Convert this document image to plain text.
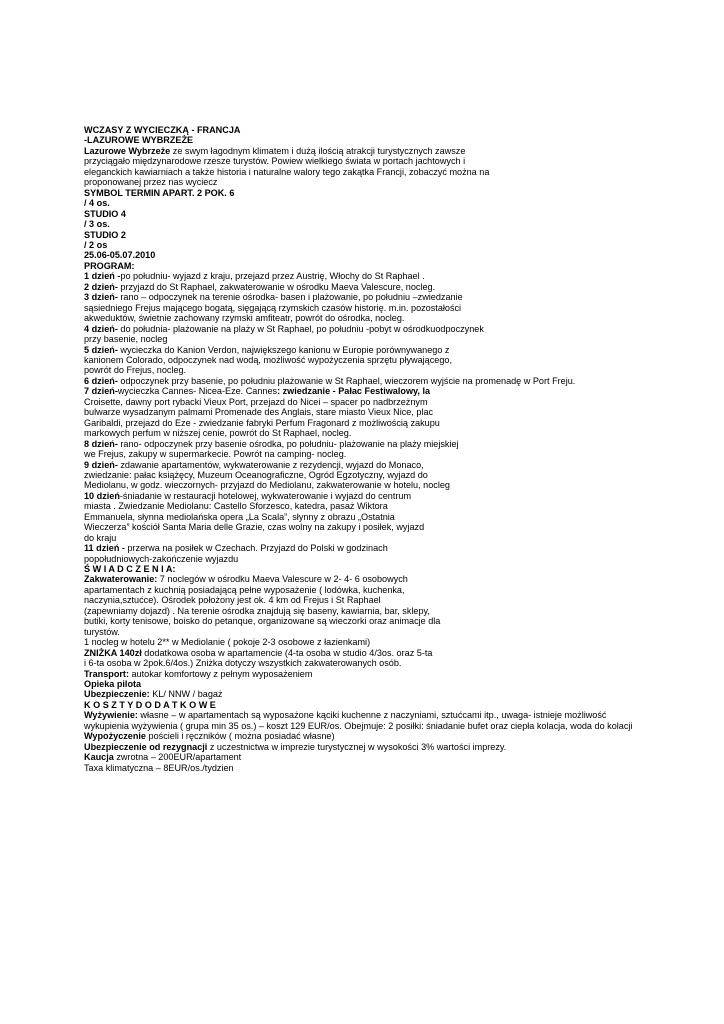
WCZASY Z WYCIECZKĄ - FRANCJA
-LAZUROWE WYBRZEŻE
Lazurowe Wybrzeże ze swym łagodnym klimatem i dużą ilością atrakcji turystycznych zawsze
przyciągało międzynarodowe rzesze turystów. Powiew wielkiego świata w portach jachtowych i
eleganckich kawiarniach a także historia i naturalne walory tego zakątka Francji, zobaczyć można na
proponowanej przez nas wyciecz
SYMBOL TERMIN APART. 2 POK. 6
/ 4 os.
STUDIO 4
/ 3 os.
STUDIO 2
/ 2 os
25.06-05.07.2010
PROGRAM:
1 dzień -po południu- wyjazd z kraju, przejazd przez Austrię, Włochy do St Raphael .
2 dzień- przyjazd do St Raphael, zakwaterowanie w ośrodku Maeva Valescure, nocleg.
3 dzień- rano – odpoczynek na terenie ośrodka- basen i plażowanie, po południu –zwiedzanie
sąsiedniego Frejus mającego bogatą, sięgającą rzymskich czasów historię. m.in. pozostałości
akweduktów, świetnie zachowany rzymski amfiteatr, powrót do ośrodka, nocleg.
4 dzień- do południa- plażowanie na plaży w St Raphael, po południu -pobyt w ośrodkuodpoczynek
przy basenie, nocleg
5 dzień- wycieczka do Kanion Verdon, największego kanionu w Europie porównywanego z
kanionem Colorado, odpoczynek nad wodą, możliwość wypożyczenia sprzętu pływającego,
powrót do Frejus, nocleg.
6 dzień- odpoczynek przy basenie, po południu plażowanie w St Raphael, wieczorem wyjście na promenadę w Port Freju.
7 dzień-wycieczka Cannes- Nicea-Eze. Cannes: zwiedzanie - Pałac Festiwalowy, la
Croisette, dawny port rybacki Vieux Port, przejazd do Nicei – spacer po nadbrzeżnym
bulwarze wysadzanym palmami Promenade des Anglais, stare miasto Vieux Nice, plac
Garibaldi, przejazd do Eze - zwiedzanie fabryki Perfum Fragonard z możliwością zakupu
markowych perfum w niższej cenie, powrót do St Raphael, nocleg.
8 dzień- rano- odpoczynek przy basenie ośrodka, po południu- plażowanie na plaży miejskiej
we Frejus, zakupy w supermarkecie. Powrót na camping- nocleg.
9 dzień- zdawanie apartamentów, wykwaterowanie z rezydencji, wyjazd do Monaco,
zwiedzanie: pałac książęcy, Muzeum Oceanograficzne, Ogród Egzotyczny, wyjazd do
Mediolanu, w godz. wieczornych- przyjazd do Mediolanu, zakwaterowanie w hotelu, nocleg
10 dzień-śniadanie w restauracji hotelowej, wykwaterowanie i wyjazd do centrum
miasta . Zwiedzanie Mediolanu: Castello Sforzesco, katedra, pasaż Wiktora
Emmanuela, słynna mediolańska opera „La Scala”, słynny z obrazu „Ostatnia
Wieczerza” kościół Santa Maria delle Grazie, czas wolny na zakupy i posiłek, wyjazd
do kraju
11 dzień - przerwa na posiłek w Czechach. Przyjazd do Polski w godzinach
popołudniowych-zakończenie wyjazdu
Ś W I A D C Z E N I A:
Zakwaterowanie: 7 noclegów w ośrodku Maeva Valescure w 2- 4- 6 osobowych
apartamentach z kuchnią posiadającą pełne wyposażenie ( lodówka, kuchenka,
naczynia,sztućce). Ośrodek położony jest ok. 4 km od Frejus i St Raphael
(zapewniamy dojazd) . Na terenie ośrodka znajdują się baseny, kawiarnia, bar, sklepy,
butiki, korty tenisowe, boisko do petanque, organizowane są wieczorki oraz animacje dla
turystów.
1 nocleg w hotelu 2** w Mediolanie ( pokoje 2-3 osobowe z łazienkami)
ZNIŻKA 140zł dodatkowa osoba w apartamencie (4-ta osoba w studio 4/3os. oraz 5-ta
i 6-ta osoba w 2pok.6/4os.) Zniżka dotyczy wszystkich zakwaterowanych osób.
Transport: autokar komfortowy z pełnym wyposażeniem
Opieka pilota
Ubezpieczenie: KL/ NNW / bagaż
K O S Z T Y D O D A T K O W E
Wyżywienie: własne – w apartamentach są wyposażone kąciki kuchenne z naczyniami, sztućcami itp., uwaga- istnieje możliwość wykupienia wyżywienia ( grupa min 35 os.) – koszt 129 EUR/os. Obejmuje: 2 posiłki: śniadanie bufet oraz ciepła kolacja, woda do kolacji
Wypożyczenie pościeli i ręczników ( można posiadać własne)
Ubezpieczenie od rezygnacji z uczestnictwa w imprezie turystycznej w wysokości 3% wartości imprezy.
Kaucja zwrotna – 200EUR/apartament
Taxa klimatyczna – 8EUR/os./tydzien
